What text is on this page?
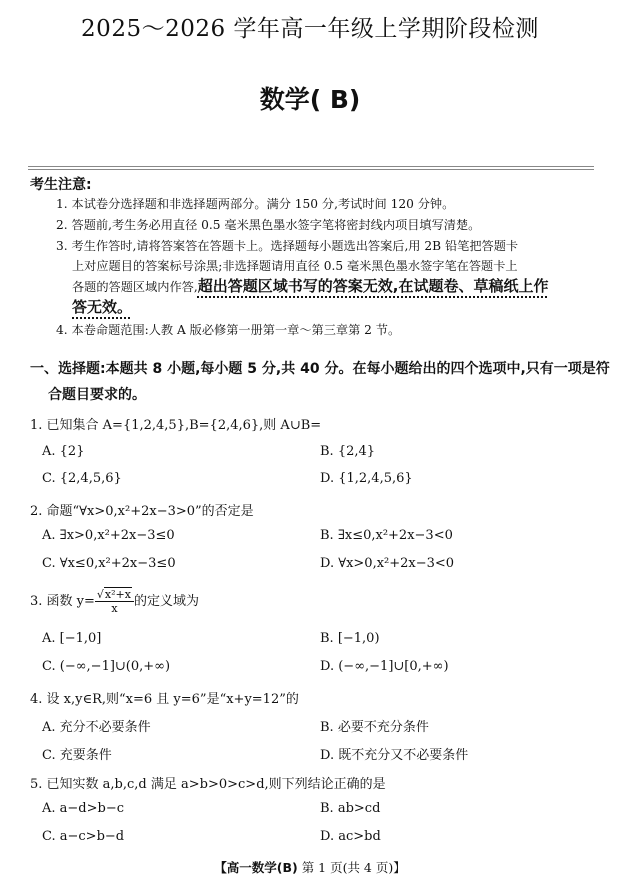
2025～2026 学年高一年级上学期阶段检测
数学( B)
考生注意:
1. 本试卷分选择题和非选择题两部分。满分 150 分,考试时间 120 分钟。
2. 答题前,考生务必用直径 0.5 毫米黑色墨水签字笔将密封线内项目填写清楚。
3. 考生作答时,请将答案答在答题卡上。选择题每小题选出答案后,用 2B 铅笔把答题卡
上对应题目的答案标号涂黑;非选择题请用直径 0.5 毫米黑色墨水签字笔在答题卡上
各题的答题区域内作答,超出答题区域书写的答案无效,在试题卷、草稿纸上作
答无效。
4. 本卷命题范围:人教 A 版必修第一册第一章～第三章第 2 节。
一、选择题:本题共 8 小题,每小题 5 分,共 40 分。在每小题给出的四个选项中,只有一项是符
合题目要求的。
1. 已知集合 A={1,2,4,5},B={2,4,6},则 A∪B=
A. {2}	B. {2,4}
C. {2,4,5,6}	D. {1,2,4,5,6}
2. 命题“∀x>0,x²+2x−3>0”的否定是
A. ∃x>0,x²+2x−3≤0	B. ∃x≤0,x²+2x−3<0
C. ∀x≤0,x²+2x−3≤0	D. ∀x>0,x²+2x−3<0
3. 函数 $y= \frac{\text{√x²+x}}{x}$ 的定义域为
A. [−1,0]	B. [−1,0)
C. (−∞,−1]∪(0,+∞)	D. (−∞,−1]∪[0,+∞)
4. 设 x,y∈R,则“x=6 且 y=6”是“x+y=12”的
A. 充分不必要条件	B. 必要不充分条件
C. 充要条件	D. 既不充分又不必要条件
5. 已知实数 a,b,c,d 满足 a>b>0>c>d,则下列结论正确的是
A. a−d>b−c	B. ab>cd
C. a−c>b−d	D. ac>bd
【高一数学(B) 第 1 页(共 4 页)】
